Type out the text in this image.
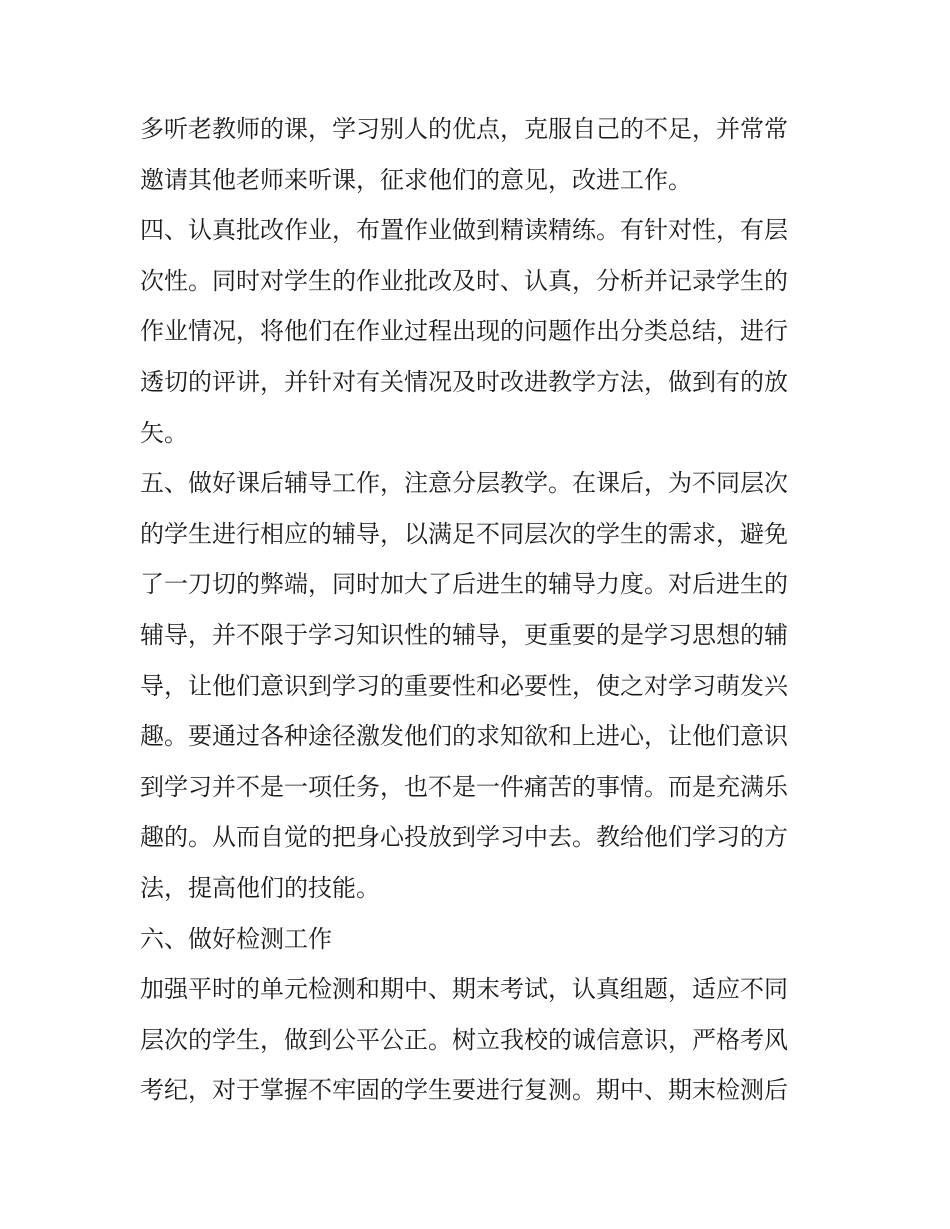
多听老教师的课，学习别人的优点，克服自己的不足，并常常
邀请其他老师来听课，征求他们的意见，改进工作。
四、认真批改作业，布置作业做到精读精练。有针对性，有层
次性。同时对学生的作业批改及时、认真，分析并记录学生的
作业情况，将他们在作业过程出现的问题作出分类总结，进行
透切的评讲，并针对有关情况及时改进教学方法，做到有的放
矢。
五、做好课后辅导工作，注意分层教学。在课后，为不同层次
的学生进行相应的辅导，以满足不同层次的学生的需求，避免
了一刀切的弊端，同时加大了后进生的辅导力度。对后进生的
辅导，并不限于学习知识性的辅导，更重要的是学习思想的辅
导，让他们意识到学习的重要性和必要性，使之对学习萌发兴
趣。要通过各种途径激发他们的求知欲和上进心，让他们意识
到学习并不是一项任务，也不是一件痛苦的事情。而是充满乐
趣的。从而自觉的把身心投放到学习中去。教给他们学习的方
法，提高他们的技能。
六、做好检测工作
加强平时的单元检测和期中、期末考试，认真组题，适应不同
层次的学生，做到公平公正。树立我校的诚信意识，严格考风
考纪，对于掌握不牢固的学生要进行复测。期中、期末检测后
